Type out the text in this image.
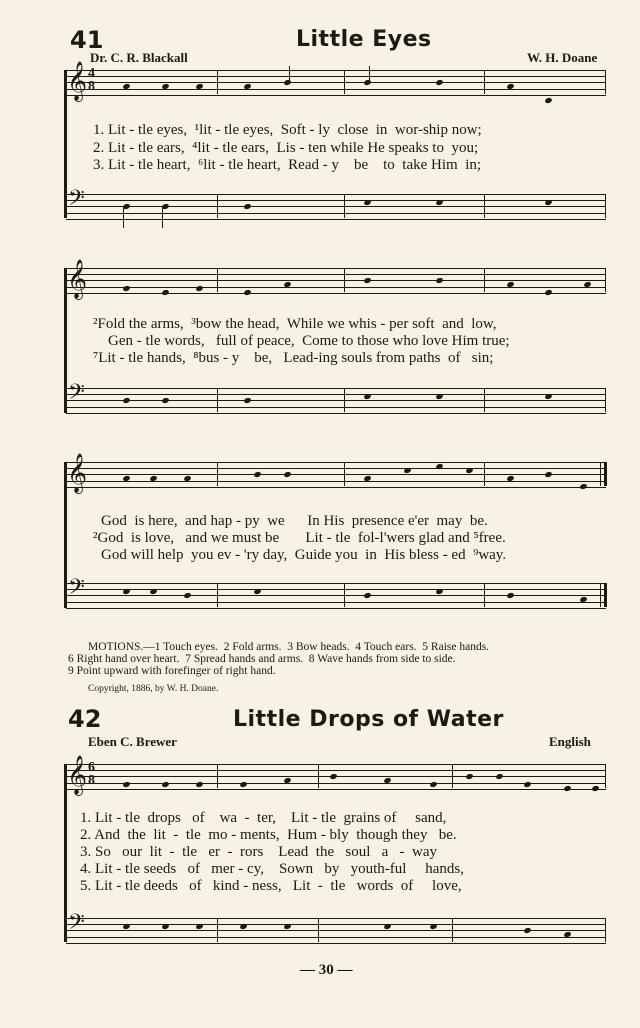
41	Little Eyes
Dr. C. R. Blackall	W. H. Doane
𝄞 4
8
1. Lit - tle eyes,  ¹lit - tle eyes,  Soft - ly  close  in  wor-ship now;
2. Lit - tle ears,  ⁴lit - tle ears,  Lis - ten while He speaks to  you;
3. Lit - tle heart,  ⁶lit - tle heart,  Read - y    be    to  take Him  in;
𝄢
𝄞
²Fold the arms,  ³bow the head,  While we whis - per soft  and  low,
Gen - tle words,   full of peace,  Come to those who love Him true;
⁷Lit - tle hands,  ⁸bus - y    be,   Lead-ing souls from paths  of   sin;
𝄢
𝄞
God  is here,  and hap - py  we      In His  presence e'er  may  be.
²God  is love,   and we must be       Lit - tle  fol-l'wers glad and ⁵free.
God will help  you ev - 'ry day,  Guide you  in  His bless - ed  ⁹way.
𝄢
MOTIONS.—1 Touch eyes.  2 Fold arms.  3 Bow heads.  4 Touch ears.  5 Raise hands.
6 Right hand over heart.  7 Spread hands and arms.  8 Wave hands from side to side.
9 Point upward with forefinger of right hand.
Copyright, 1886, by W. H. Doane.
42	Little Drops of Water
Eben C. Brewer	English
𝄞 6
8
1. Lit - tle  drops   of    wa  -  ter,    Lit - tle  grains of     sand,
2. And  the  lit  -  tle  mo - ments,  Hum - bly  though they   be.
3. So   our  lit  -  tle   er  -  rors    Lead  the   soul   a   -  way
4. Lit - tle seeds   of   mer - cy,    Sown   by   youth-ful     hands,
5. Lit - tle deeds   of   kind - ness,   Lit  -  tle   words  of     love,
𝄢
— 30 —
